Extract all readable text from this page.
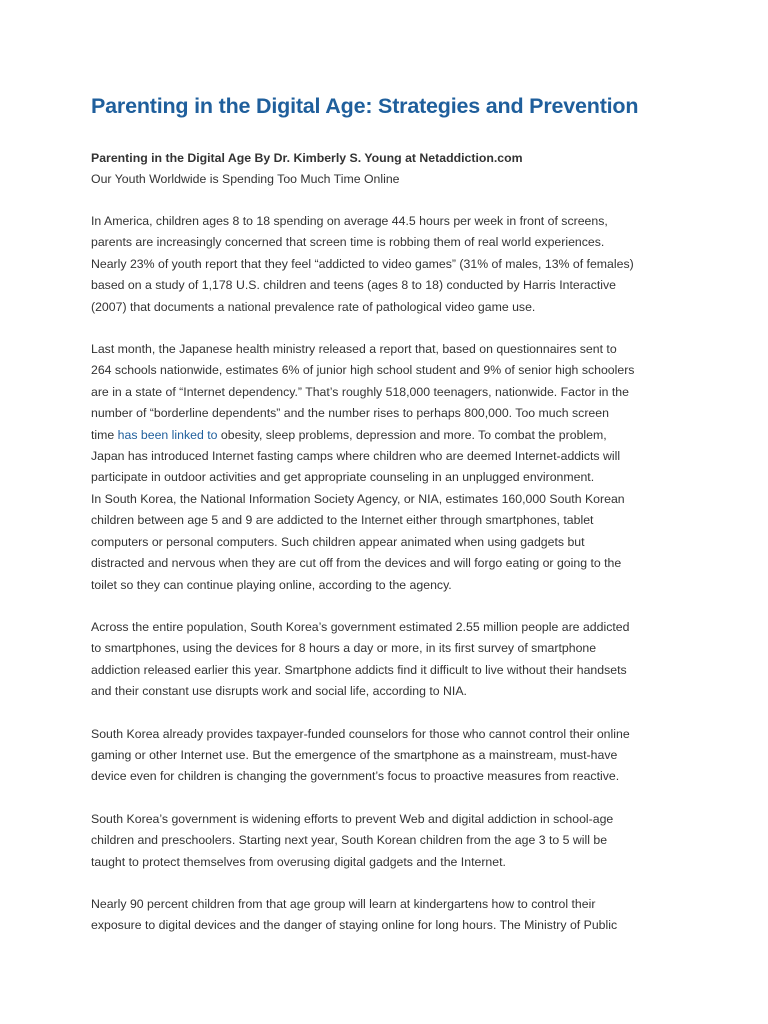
Parenting in the Digital Age: Strategies and Prevention

Parenting in the Digital Age By Dr. Kimberly S. Young at Netaddiction.com

Our Youth Worldwide is Spending Too Much Time Online

In America, children ages 8 to 18 spending on average 44.5 hours per week in front of screens,
parents are increasingly concerned that screen time is robbing them of real world experiences.
Nearly 23% of youth report that they feel “addicted to video games” (31% of males, 13% of females)
based on a study of 1,178 U.S. children and teens (ages 8 to 18) conducted by Harris Interactive
(2007) that documents a national prevalence rate of pathological video game use.

Last month, the Japanese health ministry released a report that, based on questionnaires sent to
264 schools nationwide, estimates 6% of junior high school student and 9% of senior high schoolers
are in a state of “Internet dependency.” That’s roughly 518,000 teenagers, nationwide. Factor in the
number of “borderline dependents” and the number rises to perhaps 800,000. Too much screen
time has been linked to obesity, sleep problems, depression and more. To combat the problem,
Japan has introduced Internet fasting camps where children who are deemed Internet-addicts will
participate in outdoor activities and get appropriate counseling in an unplugged environment.

In South Korea, the National Information Society Agency, or NIA, estimates 160,000 South Korean
children between age 5 and 9 are addicted to the Internet either through smartphones, tablet
computers or personal computers. Such children appear animated when using gadgets but
distracted and nervous when they are cut off from the devices and will forgo eating or going to the
toilet so they can continue playing online, according to the agency.

Across the entire population, South Korea’s government estimated 2.55 million people are addicted
to smartphones, using the devices for 8 hours a day or more, in its first survey of smartphone
addiction released earlier this year. Smartphone addicts find it difficult to live without their handsets
and their constant use disrupts work and social life, according to NIA.

South Korea already provides taxpayer-funded counselors for those who cannot control their online
gaming or other Internet use. But the emergence of the smartphone as a mainstream, must-have
device even for children is changing the government’s focus to proactive measures from reactive.

South Korea’s government is widening efforts to prevent Web and digital addiction in school-age
children and preschoolers. Starting next year, South Korean children from the age 3 to 5 will be
taught to protect themselves from overusing digital gadgets and the Internet.

Nearly 90 percent children from that age group will learn at kindergartens how to control their
exposure to digital devices and the danger of staying online for long hours. The Ministry of Public
